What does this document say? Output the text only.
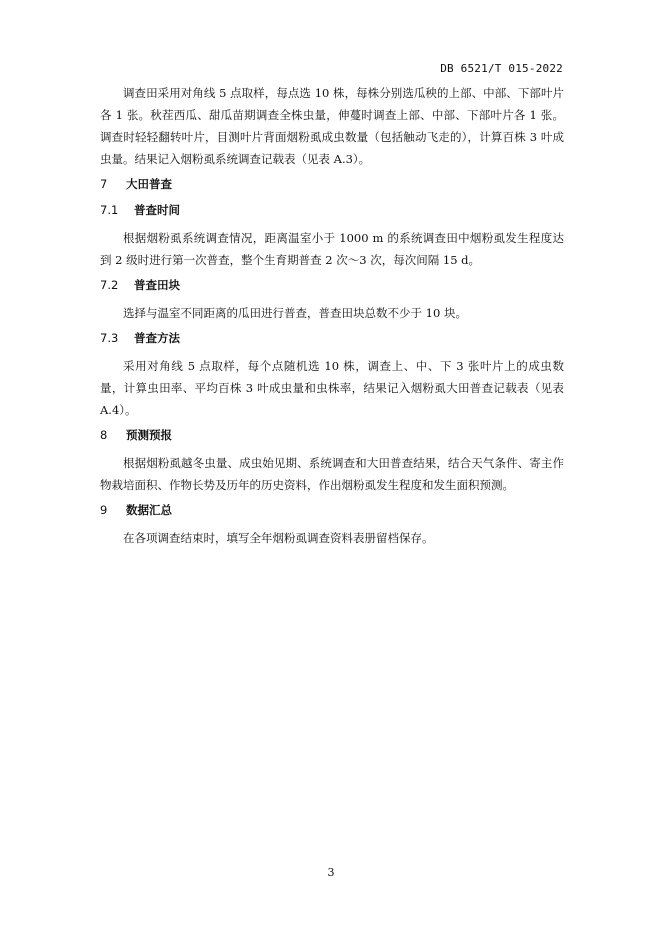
DB 6521/T 015-2022

调查田采用对角线 5 点取样，每点选 10 株，每株分别选瓜秧的上部、中部、下部叶片各 1 张。秋茬西瓜、甜瓜苗期调查全株虫量，伸蔓时调查上部、中部、下部叶片各 1 张。调查时轻轻翻转叶片，目测叶片背面烟粉虱成虫数量（包括触动飞走的），计算百株 3 叶成虫量。结果记入烟粉虱系统调查记载表（见表 A.3）。

7 大田普查
7.1 普查时间

根据烟粉虱系统调查情况，距离温室小于 1000 m 的系统调查田中烟粉虱发生程度达到 2 级时进行第一次普查，整个生育期普查 2 次～3 次，每次间隔 15 d。

7.2 普查田块

选择与温室不同距离的瓜田进行普查，普查田块总数不少于 10 块。

7.3 普查方法

采用对角线 5 点取样，每个点随机选 10 株，调查上、中、下 3 张叶片上的成虫数量，计算虫田率、平均百株 3 叶成虫量和虫株率，结果记入烟粉虱大田普查记载表（见表 A.4）。

8 预测预报

根据烟粉虱越冬虫量、成虫始见期、系统调查和大田普查结果，结合天气条件、寄主作物栽培面积、作物长势及历年的历史资料，作出烟粉虱发生程度和发生面积预测。

9 数据汇总

在各项调查结束时，填写全年烟粉虱调查资料表册留档保存。

3
